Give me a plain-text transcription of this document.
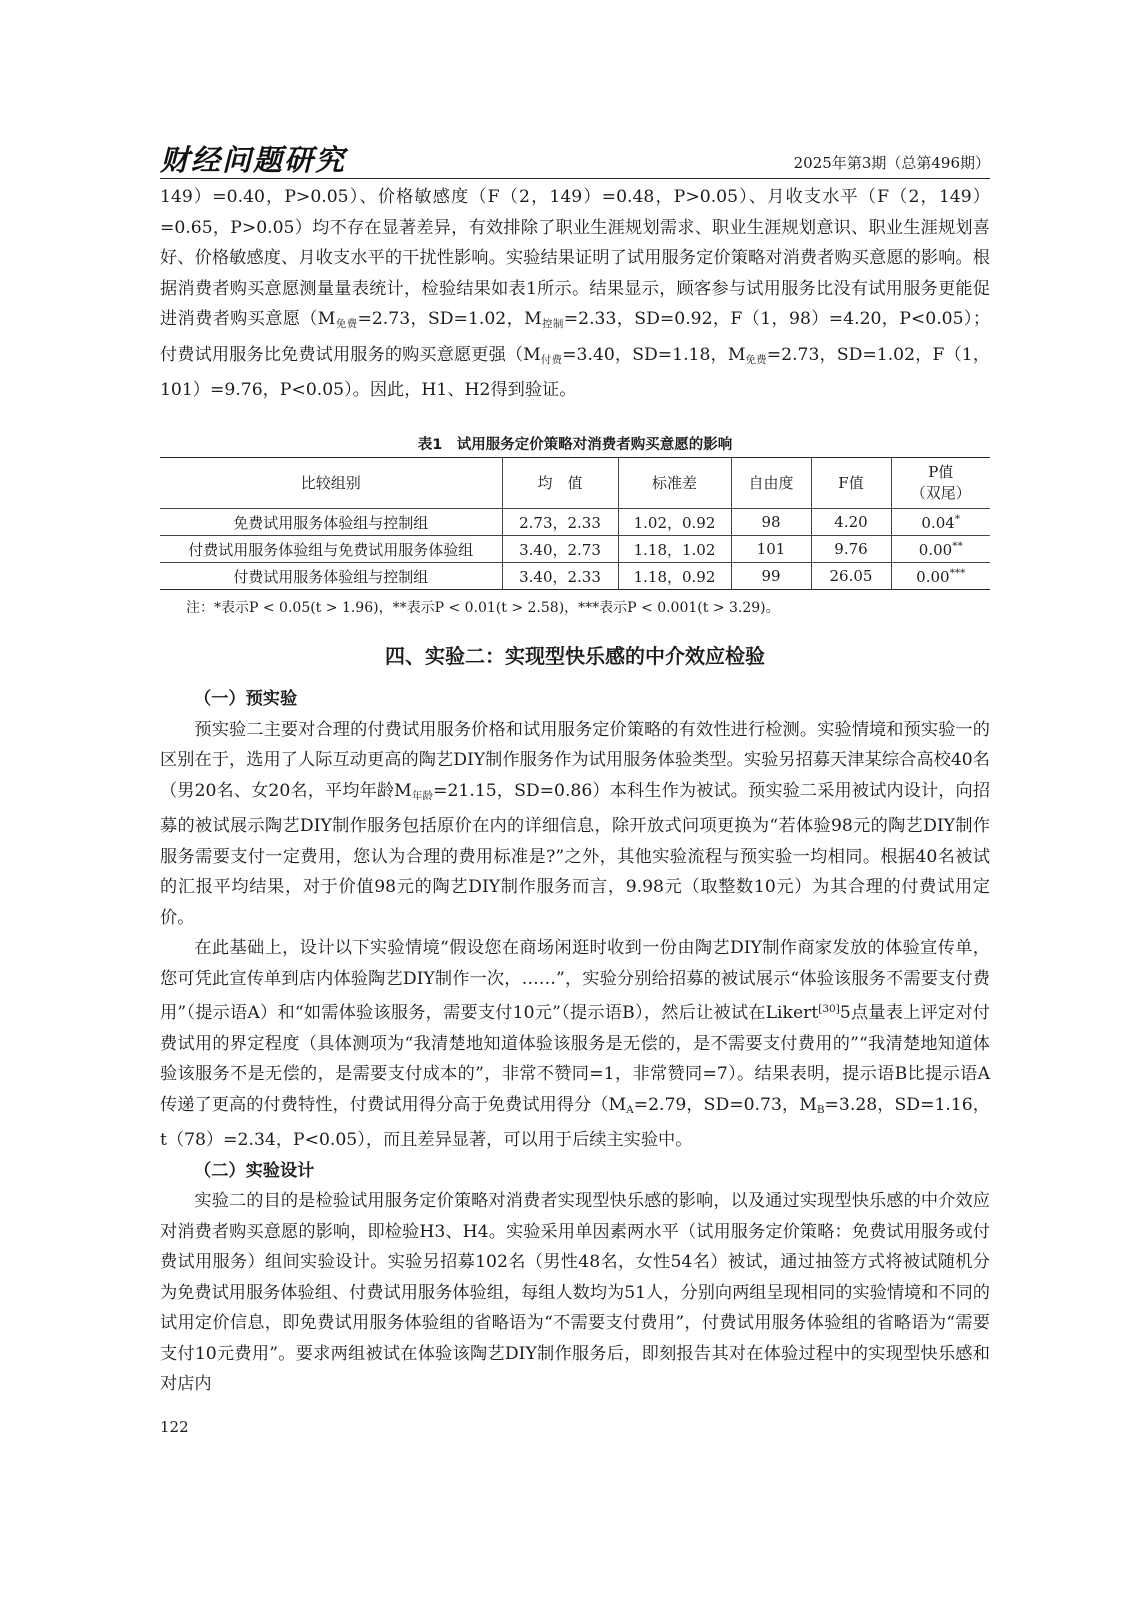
财经问题研究	2025年第3期（总第496期）

149）=0.40，P>0.05）、价格敏感度（F（2，149）=0.48，P>0.05）、月收支水平（F（2，149）=0.65，P>0.05）均不存在显著差异，有效排除了职业生涯规划需求、职业生涯规划意识、职业生涯规划喜好、价格敏感度、月收支水平的干扰性影响。实验结果证明了试用服务定价策略对消费者购买意愿的影响。根据消费者购买意愿测量量表统计，检验结果如表1所示。结果显示，顾客参与试用服务比没有试用服务更能促进消费者购买意愿（$M_{免费}=2.73$，SD=1.02，$M_{控制}=2.33$，SD=0.92，F（1，98）=4.20，P<0.05）；付费试用服务比免费试用服务的购买意愿更强（$M_{付费}=3.40$，SD=1.18，$M_{免费}=2.73$，SD=1.02，F（1，101）=9.76，P<0.05）。因此，H1、H2得到验证。

表1　试用服务定价策略对消费者购买意愿的影响
比较组别	均　值	标准差	自由度	F值	P值
（双尾）
免费试用服务体验组与控制组	2.73，2.33	1.02，0.92	98	4.20	0.04*
付费试用服务体验组与免费试用服务体验组	3.40，2.73	1.18，1.02	101	9.76	0.00**
付费试用服务体验组与控制组	3.40，2.33	1.18，0.92	99	26.05	0.00***
注：*表示P < 0.05(t > 1.96)，**表示P < 0.01(t > 2.58)，***表示P < 0.001(t > 3.29)。
四、实验二：实现型快乐感的中介效应检验

（一）预实验

预实验二主要对合理的付费试用服务价格和试用服务定价策略的有效性进行检测。实验情境和预实验一的区别在于，选用了人际互动更高的陶艺DIY制作服务作为试用服务体验类型。实验另招募天津某综合高校40名（男20名、女20名，平均年龄$M_{年龄}=21.15$，SD=0.86）本科生作为被试。预实验二采用被试内设计，向招募的被试展示陶艺DIY制作服务包括原价在内的详细信息，除开放式问项更换为“若体验98元的陶艺DIY制作服务需要支付一定费用，您认为合理的费用标准是?”之外，其他实验流程与预实验一均相同。根据40名被试的汇报平均结果，对于价值98元的陶艺DIY制作服务而言，9.98元（取整数10元）为其合理的付费试用定价。

在此基础上，设计以下实验情境“假设您在商场闲逛时收到一份由陶艺DIY制作商家发放的体验宣传单，您可凭此宣传单到店内体验陶艺DIY制作一次，……”，实验分别给招募的被试展示“体验该服务不需要支付费用”（提示语A）和“如需体验该服务，需要支付10元”（提示语B），然后让被试在Likert[30]5点量表上评定对付费试用的界定程度（具体测项为“我清楚地知道体验该服务是无偿的，是不需要支付费用的”“我清楚地知道体验该服务不是无偿的，是需要支付成本的”，非常不赞同=1，非常赞同=7）。结果表明，提示语B比提示语A传递了更高的付费特性，付费试用得分高于免费试用得分（$M_A=2.79$，SD=0.73，$M_B=3.28$，SD=1.16，t（78）=2.34，P<0.05），而且差异显著，可以用于后续主实验中。

（二）实验设计

实验二的目的是检验试用服务定价策略对消费者实现型快乐感的影响，以及通过实现型快乐感的中介效应对消费者购买意愿的影响，即检验H3、H4。实验采用单因素两水平（试用服务定价策略：免费试用服务或付费试用服务）组间实验设计。实验另招募102名（男性48名，女性54名）被试，通过抽签方式将被试随机分为免费试用服务体验组、付费试用服务体验组，每组人数均为51人，分别向两组呈现相同的实验情境和不同的试用定价信息，即免费试用服务体验组的省略语为“不需要支付费用”，付费试用服务体验组的省略语为“需要支付10元费用”。要求两组被试在体验该陶艺DIY制作服务后，即刻报告其对在体验过程中的实现型快乐感和对店内

122
